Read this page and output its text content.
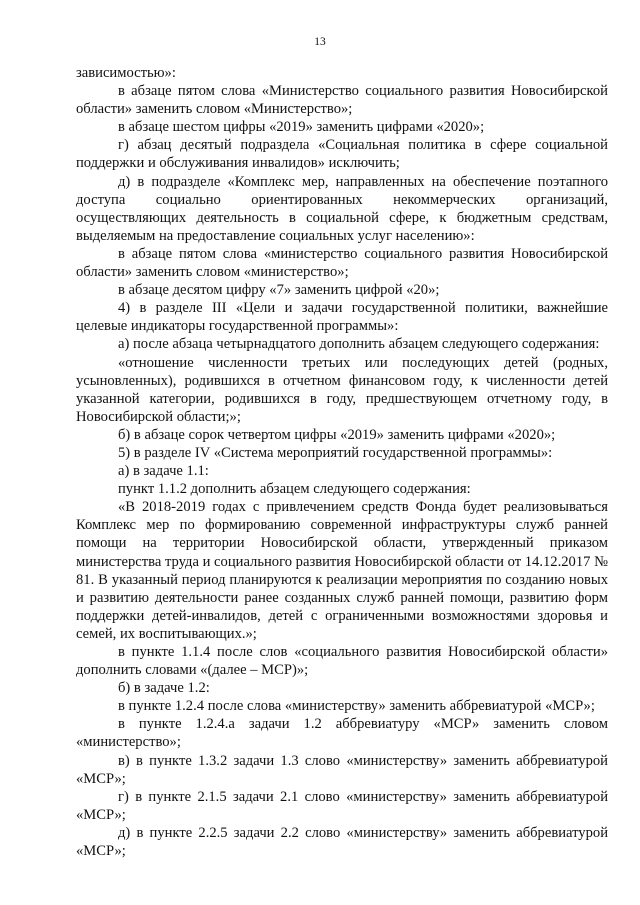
13

зависимостью»:

в абзаце пятом слова «Министерство социального развития Новосибирской области» заменить словом «Министерство»;

в абзаце шестом цифры «2019» заменить цифрами «2020»;

г) абзац десятый подраздела «Социальная политика в сфере социальной поддержки и обслуживания инвалидов» исключить;

д) в подразделе «Комплекс мер, направленных на обеспечение поэтапного доступа социально ориентированных некоммерческих организаций, осуществляющих деятельность в социальной сфере, к бюджетным средствам, выделяемым на предоставление социальных услуг населению»:

в абзаце пятом слова «министерство социального развития Новосибирской области» заменить словом «министерство»;

в абзаце десятом цифру «7» заменить цифрой «20»;

4) в разделе III «Цели и задачи государственной политики, важнейшие целевые индикаторы государственной программы»:

а) после абзаца четырнадцатого дополнить абзацем следующего содержания:

«отношение численности третьих или последующих детей (родных, усыновленных), родившихся в отчетном финансовом году, к численности детей указанной категории, родившихся в году, предшествующем отчетному году, в Новосибирской области;»;

б) в абзаце сорок четвертом цифры «2019» заменить цифрами «2020»;

5) в разделе IV «Система мероприятий государственной программы»:

а) в задаче 1.1:

пункт 1.1.2 дополнить абзацем следующего содержания:

«В 2018-2019 годах с привлечением средств Фонда будет реализовываться Комплекс мер по формированию современной инфраструктуры служб ранней помощи на территории Новосибирской области, утвержденный приказом министерства труда и социального развития Новосибирской области от 14.12.2017 № 81. В указанный период планируются к реализации мероприятия по созданию новых и развитию деятельности ранее созданных служб ранней помощи, развитию форм поддержки детей-инвалидов, детей с ограниченными возможностями здоровья и семей, их воспитывающих.»;

в пункте 1.1.4 после слов «социального развития Новосибирской области» дополнить словами «(далее – МСР)»;

б) в задаче 1.2:

в пункте 1.2.4 после слова «министерству» заменить аббревиатурой «МСР»;

в пункте 1.2.4.а задачи 1.2 аббревиатуру «МСР» заменить словом «министерство»;

в) в пункте 1.3.2 задачи 1.3 слово «министерству» заменить аббревиатурой «МСР»;

г) в пункте 2.1.5 задачи 2.1 слово «министерству» заменить аббревиатурой «МСР»;

д) в пункте 2.2.5 задачи 2.2 слово «министерству» заменить аббревиатурой «МСР»;
